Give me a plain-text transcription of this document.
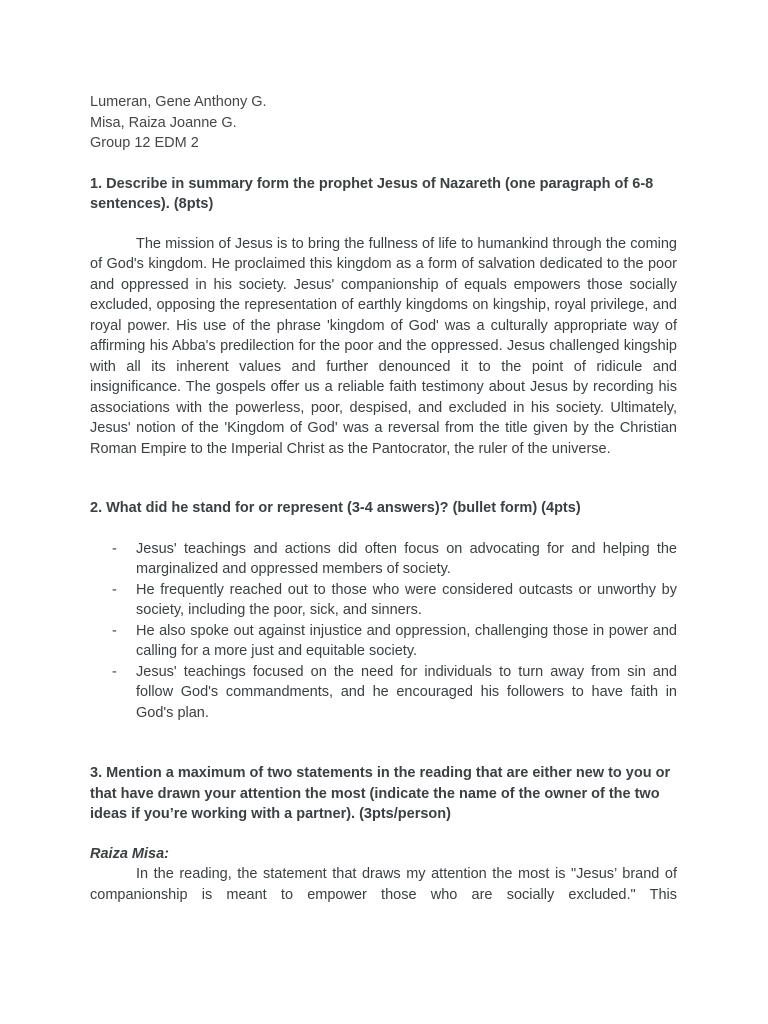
Lumeran, Gene Anthony G.
Misa, Raiza Joanne G.
Group 12 EDM 2
1. Describe in summary form the prophet Jesus of Nazareth (one paragraph of 6-8 sentences). (8pts)

The mission of Jesus is to bring the fullness of life to humankind through the coming of God's kingdom. He proclaimed this kingdom as a form of salvation dedicated to the poor and oppressed in his society. Jesus' companionship of equals empowers those socially excluded, opposing the representation of earthly kingdoms on kingship, royal privilege, and royal power. His use of the phrase 'kingdom of God' was a culturally appropriate way of affirming his Abba's predilection for the poor and the oppressed. Jesus challenged kingship with all its inherent values and further denounced it to the point of ridicule and insignificance. The gospels offer us a reliable faith testimony about Jesus by recording his associations with the powerless, poor, despised, and excluded in his society. Ultimately, Jesus' notion of the 'Kingdom of God' was a reversal from the title given by the Christian Roman Empire to the Imperial Christ as the Pantocrator, the ruler of the universe.

2. What did he stand for or represent (3-4 answers)? (bullet form) (4pts)
- Jesus' teachings and actions did often focus on advocating for and helping the marginalized and oppressed members of society.
- He frequently reached out to those who were considered outcasts or unworthy by society, including the poor, sick, and sinners.
- He also spoke out against injustice and oppression, challenging those in power and calling for a more just and equitable society.
- Jesus' teachings focused on the need for individuals to turn away from sin and follow God's commandments, and he encouraged his followers to have faith in God's plan.
3. Mention a maximum of two statements in the reading that are either new to you or that have drawn your attention the most (indicate the name of the owner of the two ideas if you’re working with a partner). (3pts/person)
Raiza Misa:

In the reading, the statement that draws my attention the most is "Jesus’ brand of companionship is meant to empower those who are socially excluded." This
